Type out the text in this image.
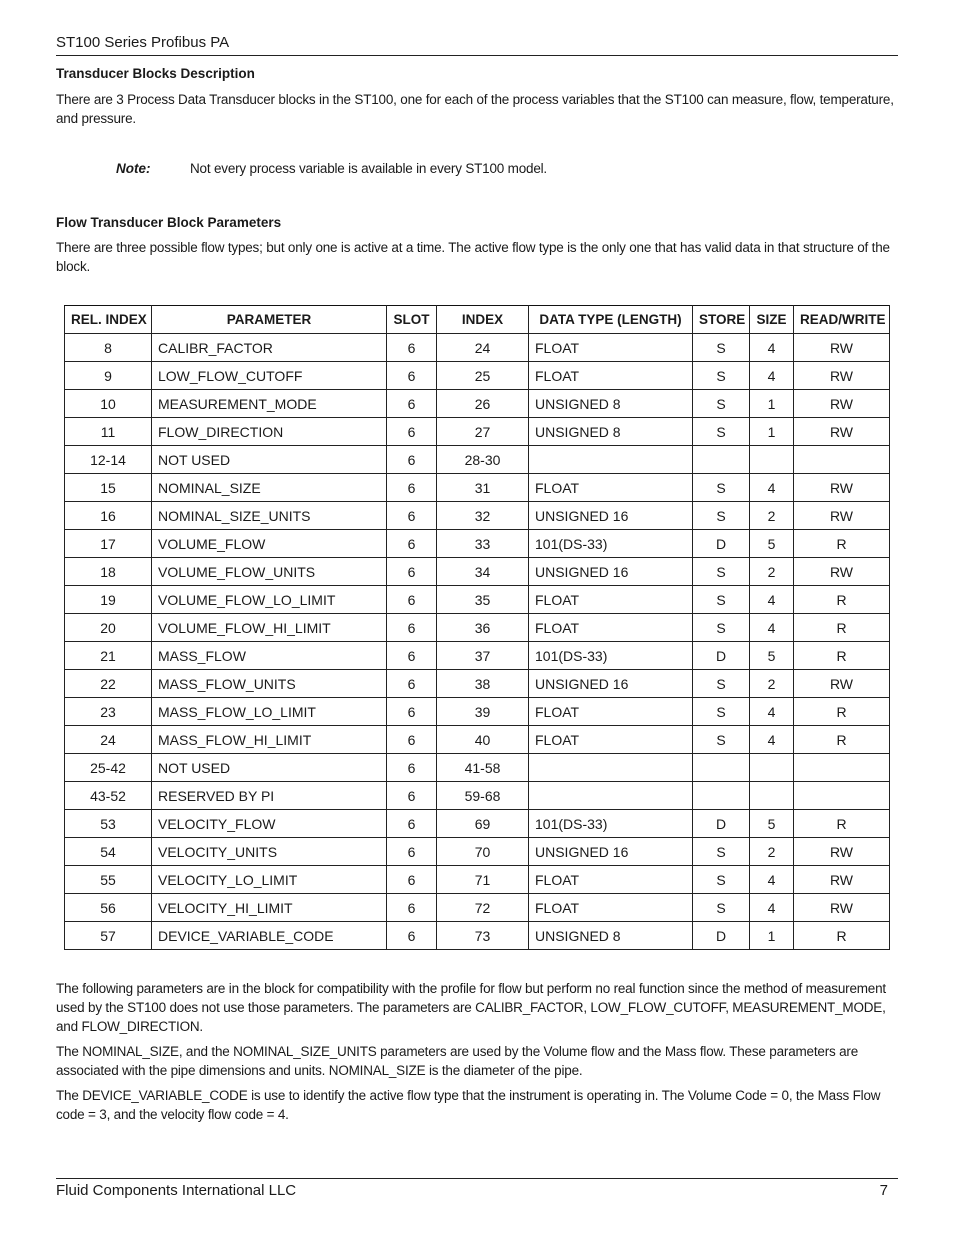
ST100 Series Profibus PA
Transducer Blocks Description
There are 3 Process Data Transducer blocks in the ST100, one for each of the process variables that the ST100 can measure, flow, temperature, and pressure.
Note:	Not every process variable is available in every ST100 model.
Flow Transducer Block Parameters
There are three possible flow types; but only one is active at a time. The active flow type is the only one that has valid data in that structure of the block.
REL. INDEX	PARAMETER	SLOT	INDEX	DATA TYPE (LENGTH)	STORE	SIZE	READ/WRITE
8	CALIBR_FACTOR	6	24	FLOAT	S	4	RW
9	LOW_FLOW_CUTOFF	6	25	FLOAT	S	4	RW
10	MEASUREMENT_MODE	6	26	UNSIGNED 8	S	1	RW
11	FLOW_DIRECTION	6	27	UNSIGNED 8	S	1	RW
12-14	NOT USED	6	28-30				
15	NOMINAL_SIZE	6	31	FLOAT	S	4	RW
16	NOMINAL_SIZE_UNITS	6	32	UNSIGNED 16	S	2	RW
17	VOLUME_FLOW	6	33	101(DS-33)	D	5	R
18	VOLUME_FLOW_UNITS	6	34	UNSIGNED 16	S	2	RW
19	VOLUME_FLOW_LO_LIMIT	6	35	FLOAT	S	4	R
20	VOLUME_FLOW_HI_LIMIT	6	36	FLOAT	S	4	R
21	MASS_FLOW	6	37	101(DS-33)	D	5	R
22	MASS_FLOW_UNITS	6	38	UNSIGNED 16	S	2	RW
23	MASS_FLOW_LO_LIMIT	6	39	FLOAT	S	4	R
24	MASS_FLOW_HI_LIMIT	6	40	FLOAT	S	4	R
25-42	NOT USED	6	41-58				
43-52	RESERVED BY PI	6	59-68				
53	VELOCITY_FLOW	6	69	101(DS-33)	D	5	R
54	VELOCITY_UNITS	6	70	UNSIGNED 16	S	2	RW
55	VELOCITY_LO_LIMIT	6	71	FLOAT	S	4	RW
56	VELOCITY_HI_LIMIT	6	72	FLOAT	S	4	RW
57	DEVICE_VARIABLE_CODE	6	73	UNSIGNED 8	D	1	R
The following parameters are in the block for compatibility with the profile for flow but perform no real function since the method of measurement used by the ST100 does not use those parameters. The parameters are CALIBR_FACTOR, LOW_FLOW_CUTOFF, MEASUREMENT_MODE, and FLOW_DIRECTION.
The NOMINAL_SIZE, and the NOMINAL_SIZE_UNITS parameters are used by the Volume flow and the Mass flow. These parameters are associated with the pipe dimensions and units. NOMINAL_SIZE is the diameter of the pipe.
The DEVICE_VARIABLE_CODE is use to identify the active flow type that the instrument is operating in. The Volume Code = 0, the Mass Flow code = 3, and the velocity flow code = 4.
Fluid Components International LLC	7
